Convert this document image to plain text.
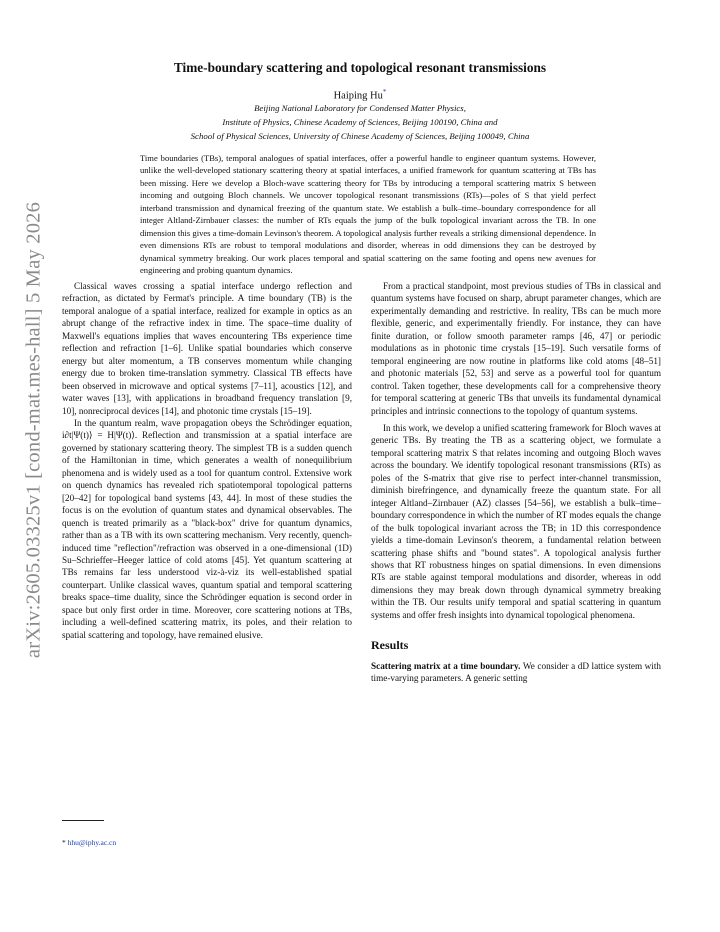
arXiv:2605.03325v1 [cond-mat.mes-hall] 5 May 2026
Time-boundary scattering and topological resonant transmissions
Haiping Hu*
Beijing National Laboratory for Condensed Matter Physics,
Institute of Physics, Chinese Academy of Sciences, Beijing 100190, China and
School of Physical Sciences, University of Chinese Academy of Sciences, Beijing 100049, China
Time boundaries (TBs), temporal analogues of spatial interfaces, offer a powerful handle to engineer quantum systems. However, unlike the well-developed stationary scattering theory at spatial interfaces, a unified framework for quantum scattering at TBs has been missing. Here we develop a Bloch-wave scattering theory for TBs by introducing a temporal scattering matrix S between incoming and outgoing Bloch channels. We uncover topological resonant transmissions (RTs)—poles of S that yield perfect interband transmission and dynamical freezing of the quantum state. We establish a bulk–time–boundary correspondence for all integer Altland-Zirnbauer classes: the number of RTs equals the jump of the bulk topological invariant across the TB. In one dimension this gives a time-domain Levinson's theorem. A topological analysis further reveals a striking dimensional dependence. In even dimensions RTs are robust to temporal modulations and disorder, whereas in odd dimensions they can be destroyed by dynamical symmetry breaking. Our work places temporal and spatial scattering on the same footing and opens new avenues for engineering and probing quantum dynamics.

Classical waves crossing a spatial interface undergo reflection and refraction, as dictated by Fermat's principle. A time boundary (TB) is the temporal analogue of a spatial interface, realized for example in optics as an abrupt change of the refractive index in time. The space–time duality of Maxwell's equations implies that waves encountering TBs experience time reflection and refraction [1–6]. Unlike spatial boundaries which conserve energy but alter momentum, a TB conserves momentum while changing energy due to broken time-translation symmetry. Classical TB effects have been observed in microwave and optical systems [7–11], acoustics [12], and water waves [13], with applications in broadband frequency translation [9, 10], nonreciprocal devices [14], and photonic time crystals [15–19].

In the quantum realm, wave propagation obeys the Schrödinger equation, i∂t|Ψ(t)⟩ = H|Ψ(t)⟩. Reflection and transmission at a spatial interface are governed by stationary scattering theory. The simplest TB is a sudden quench of the Hamiltonian in time, which generates a wealth of nonequilibrium phenomena and is widely used as a tool for quantum control. Extensive work on quench dynamics has revealed rich spatiotemporal topological patterns [20–42] for topological band systems [43, 44]. In most of these studies the focus is on the evolution of quantum states and dynamical observables. The quench is treated primarily as a "black-box" drive for quantum dynamics, rather than as a TB with its own scattering mechanism. Very recently, quench-induced time "reflection"/refraction was observed in a one-dimensional (1D) Su–Schrieffer–Heeger lattice of cold atoms [45]. Yet quantum scattering at TBs remains far less understood viz-à-viz its well-established spatial counterpart. Unlike classical waves, quantum spatial and temporal scattering breaks space–time duality, since the Schrödinger equation is second order in space but only first order in time. Moreover, core scattering notions at TBs, including a well-defined scattering matrix, its poles, and their relation to spatial scattering and topology, have remained elusive.

From a practical standpoint, most previous studies of TBs in classical and quantum systems have focused on sharp, abrupt parameter changes, which are experimentally demanding and restrictive. In reality, TBs can be much more flexible, generic, and experimentally friendly. For instance, they can have finite duration, or follow smooth parameter ramps [46, 47] or periodic modulations as in photonic time crystals [15–19]. Such versatile forms of temporal engineering are now routine in platforms like cold atoms [48–51] and photonic materials [52, 53] and serve as a powerful tool for quantum control. Taken together, these developments call for a comprehensive theory for temporal scattering at generic TBs that unveils its fundamental dynamical principles and intrinsic connections to the topology of quantum systems.

In this work, we develop a unified scattering framework for Bloch waves at generic TBs. By treating the TB as a scattering object, we formulate a temporal scattering matrix S that relates incoming and outgoing Bloch waves across the boundary. We identify topological resonant transmissions (RTs) as poles of the S-matrix that give rise to perfect inter-channel transmission, diminish birefringence, and dynamically freeze the quantum state. For all integer Altland–Zirnbauer (AZ) classes [54–56], we establish a bulk–time–boundary correspondence in which the number of RT modes equals the change of the bulk topological invariant across the TB; in 1D this correspondence yields a time-domain Levinson's theorem, a fundamental relation between scattering phase shifts and "bound states". A topological analysis further shows that RT robustness hinges on spatial dimensions. In even dimensions RTs are stable against temporal modulations and disorder, whereas in odd dimensions they may break down through dynamical symmetry breaking within the TB. Our results unify temporal and spatial scattering in quantum systems and offer fresh insights into dynamical topological phenomena.

Results

Scattering matrix at a time boundary. We consider a dD lattice system with time-varying parameters. A generic setting

* hhu@iphy.ac.cn
